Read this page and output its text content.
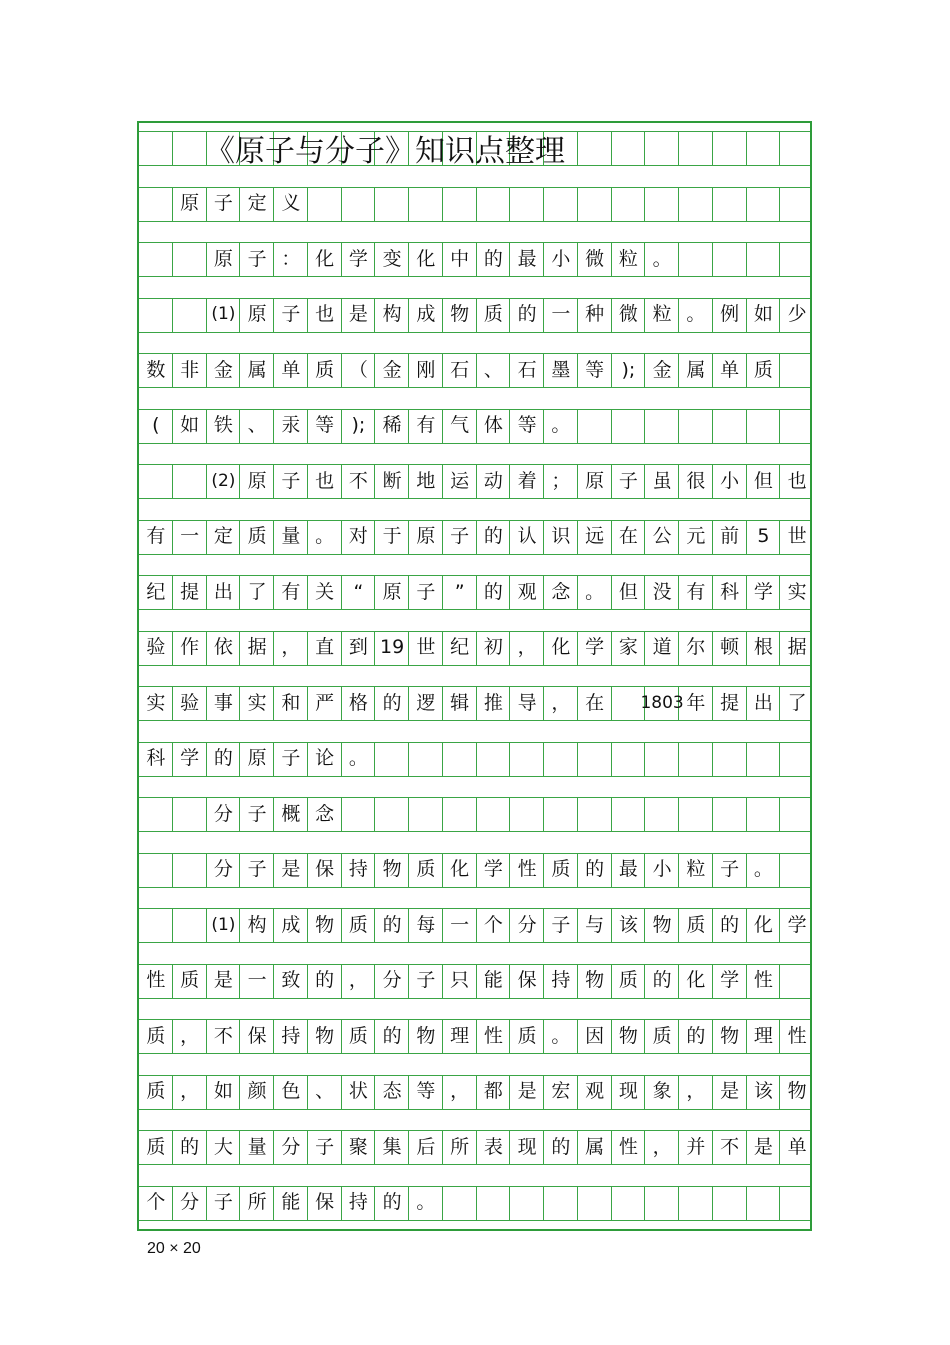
原 子 定 义
原 子 ： 化 学 变 化 中 的 最 小 微 粒 。
(1) 原 子 也 是 构 成 物 质 的 一 种 微 粒 。 例 如 少
数 非 金 属 单 质 （ 金 刚 石 、 石 墨 等 ); 金 属 单 质
(	如 铁 、 汞 等 ); 稀 有 气 体 等 。
(2) 原 子 也 不 断 地 运 动 着 ； 原 子 虽 很 小 但 也
有 一 定 质 量 。 对 于 原 子 的 认 识 远 在 公 元 前 5 世
纪 提 出 了 有 关	“	原 子	”	的 观 念 。 但 没 有 科 学 实
验 作 依 据 ， 直 到 19 世 纪 初 ， 化 学 家 道 尔 顿 根 据
实 验 事 实 和 严 格 的 逻 辑 推 导 ， 在	1803 年 提 出 了
科 学 的 原 子 论 。
分 子 概 念
分 子 是 保 持 物 质 化 学 性 质 的 最 小 粒 子 。
(1) 构 成 物 质 的 每 一 个 分 子 与 该 物 质 的 化 学
性 质 是 一 致 的 ， 分 子 只 能 保 持 物 质 的 化 学 性
质 ， 不 保 持 物 质 的 物 理 性 质 。 因 物 质 的 物 理 性
质 ， 如 颜 色 、 状 态 等 ， 都 是 宏 观 现 象 ， 是 该 物
质 的 大 量 分 子 聚 集 后 所 表 现 的 属 性 ， 并 不 是 单
个 分 子 所 能 保 持 的 。
《原子与分子》知识点整理
20 × 20
